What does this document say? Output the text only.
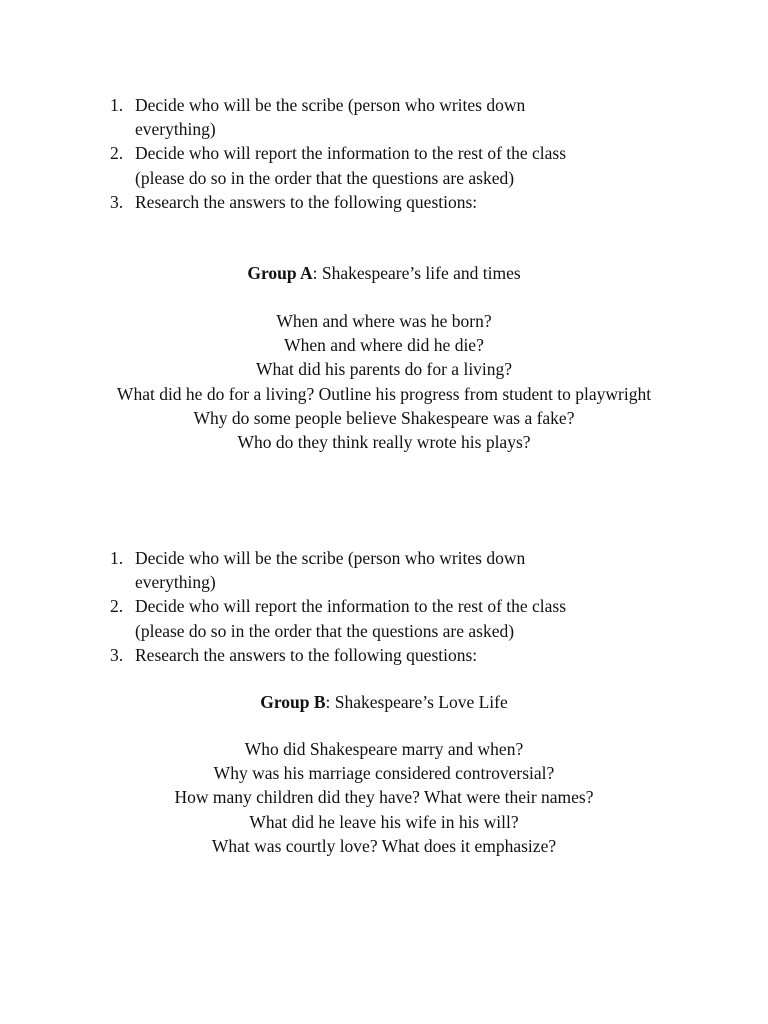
1. Decide who will be the scribe (person who writes down everything)
2. Decide who will report the information to the rest of the class (please do so in the order that the questions are asked)
3. Research the answers to the following questions:
Group A: Shakespeare’s life and times
When and where was he born?
When and where did he die?
What did his parents do for a living?
What did he do for a living? Outline his progress from student to playwright
Why do some people believe Shakespeare was a fake?
Who do they think really wrote his plays?
1. Decide who will be the scribe (person who writes down everything)
2. Decide who will report the information to the rest of the class (please do so in the order that the questions are asked)
3. Research the answers to the following questions:
Group B: Shakespeare’s Love Life
Who did Shakespeare marry and when?
Why was his marriage considered controversial?
How many children did they have? What were their names?
What did he leave his wife in his will?
What was courtly love? What does it emphasize?
